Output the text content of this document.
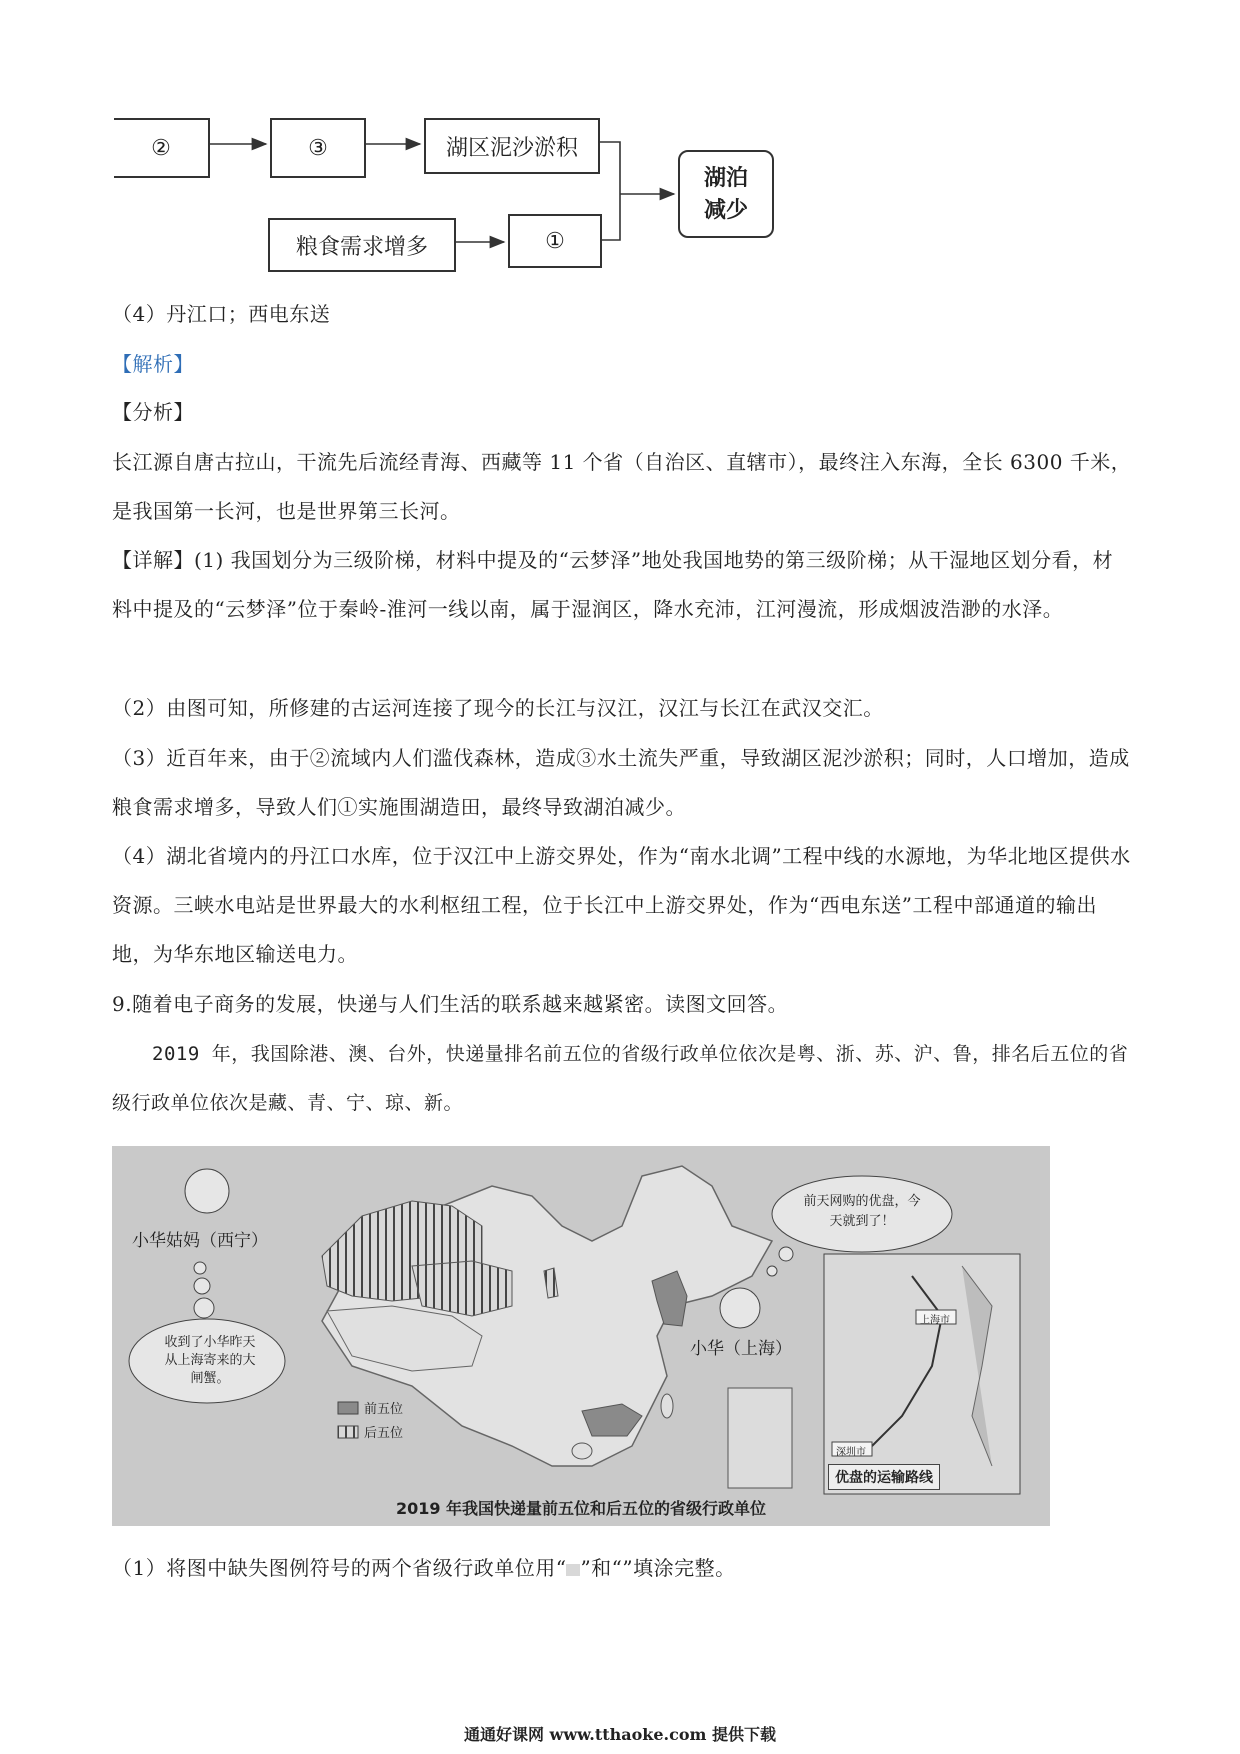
②	③	湖区泥沙淤积
粮食需求增多	①
湖泊减少
（4）丹江口；西电东送
【解析】
【分析】
长江源自唐古拉山，干流先后流经青海、西藏等 11 个省（自治区、直辖市），最终注入东海，全长 6300 千米，是我国第一长河，也是世界第三长河。
【详解】(1) 我国划分为三级阶梯，材料中提及的“云梦泽”地处我国地势的第三级阶梯；从干湿地区划分看，材料中提及的“云梦泽”位于秦岭-淮河一线以南，属于湿润区，降水充沛，江河漫流，形成烟波浩渺的水泽。
（2）由图可知，所修建的古运河连接了现今的长江与汉江，汉江与长江在武汉交汇。
（3）近百年来，由于②流域内人们滥伐森林，造成③水土流失严重，导致湖区泥沙淤积；同时，人口增加，造成粮食需求增多，导致人们①实施围湖造田，最终导致湖泊减少。
（4）湖北省境内的丹江口水库，位于汉江中上游交界处，作为“南水北调”工程中线的水源地，为华北地区提供水资源。三峡水电站是世界最大的水利枢纽工程，位于长江中上游交界处，作为“西电东送”工程中部通道的输出地，为华东地区输送电力。
9.随着电子商务的发展，快递与人们生活的联系越来越紧密。读图文回答。
2019 年，我国除港、澳、台外，快递量排名前五位的省级行政单位依次是粤、浙、苏、沪、鲁，排名后五位的省级行政单位依次是藏、青、宁、琼、新。
小华姑妈（西宁）
收到了小华昨天从上海寄来的大闸蟹。
小华（上海）
前天网购的优盘，今天就到了！
前五位
后五位
上海市
深圳市
优盘的运输路线
2019 年我国快递量前五位和后五位的省级行政单位
（1）将图中缺失图例符号的两个省级行政单位用“ ”和“”填涂完整。
通通好课网 www.tthaoke.com 提供下载
